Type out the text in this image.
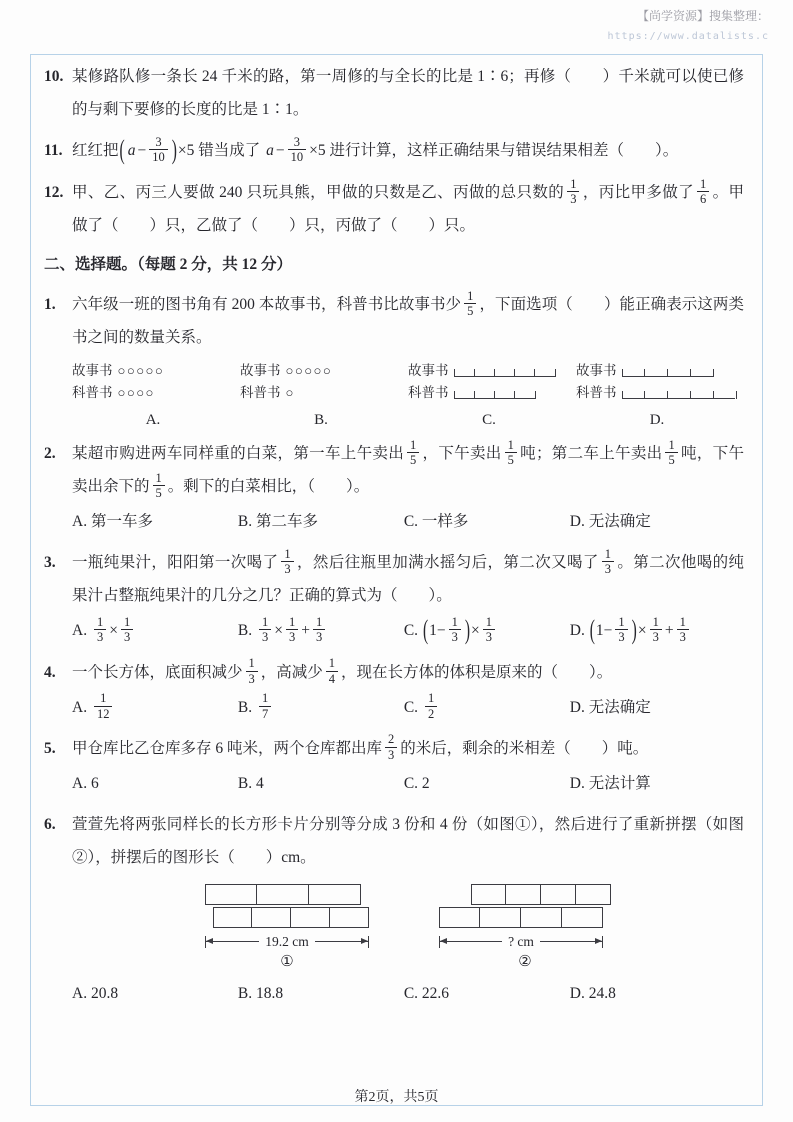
【尚学资源】搜集整理：
https://www.datalists.c
10. 某修路队修一条长 24 千米的路，第一周修的与全长的比是 1∶6；再修（　　）千米就可以使已修的与剩下要修的长度的比是 1∶1。
11. 红红把( $a - \frac{3}{10} )\times 5$ 错当成了 $a - \frac{3}{10} \times 5$ 进行计算，这样正确结果与错误结果相差（　　）。
12. 甲、乙、丙三人要做 240 只玩具熊，甲做的只数是乙、丙做的总只数的 $\frac{1}{3}$ ，丙比甲多做了 $\frac{1}{6}$ 。甲做了（　　）只，乙做了（　　）只，丙做了（　　）只。
二、选择题。（每题 2 分，共 12 分）
1. 六年级一班的图书角有 200 本故事书，科普书比故事书少 $\frac{1}{5}$ ，下面选项（　　）能正确表示这两类书之间的数量关系。
故事书 ○○○○○
科普书 ○○○○
A.
故事书 ○○○○○
科普书 ○
B.
故事书
科普书
C.
故事书
科普书
D.
2. 某超市购进两车同样重的白菜，第一车上午卖出 $\frac{1}{5}$ ，下午卖出 $\frac{1}{5}$ 吨；第二车上午卖出 $\frac{1}{5}$ 吨，下午卖出余下的 $\frac{1}{5}$ 。剩下的白菜相比，（　　）。
A. 第一车多	B. 第二车多	C. 一样多	D. 无法确定
3. 一瓶纯果汁，阳阳第一次喝了 $\frac{1}{3}$ ，然后往瓶里加满水摇匀后，第二次又喝了 $\frac{1}{3}$ 。第二次他喝的纯果汁占整瓶纯果汁的几分之几？正确的算式为（　　）。
A. $\frac{1}{3} \times \frac{1}{3}$	B. $\frac{1}{3} \times \frac{1}{3} + \frac{1}{3}$	C. ($1- \frac{1}{3}$ )× $\frac{1}{3}$	D. ($1- \frac{1}{3}$ )× $\frac{1}{3} + \frac{1}{3}$
4. 一个长方体，底面积减少 $\frac{1}{3}$ ，高减少 $\frac{1}{4}$ ，现在长方体的体积是原来的（　　）。
A. $\frac{1}{12}$	B. $\frac{1}{7}$	C. $\frac{1}{2}$	D. 无法确定
5. 甲仓库比乙仓库多存 6 吨米，两个仓库都出库 $\frac{2}{3}$ 的米后，剩余的米相差（　　）吨。
A. 6	B. 4	C. 2	D. 无法计算
6. 萱萱先将两张同样长的长方形卡片分别等分成 3 份和 4 份（如图①），然后进行了重新拼摆（如图②），拼摆后的图形长（　　）cm。
19.2 cm
①
? cm
②
A. 20.8	B. 18.8	C. 22.6	D. 24.8
第2页，共5页
